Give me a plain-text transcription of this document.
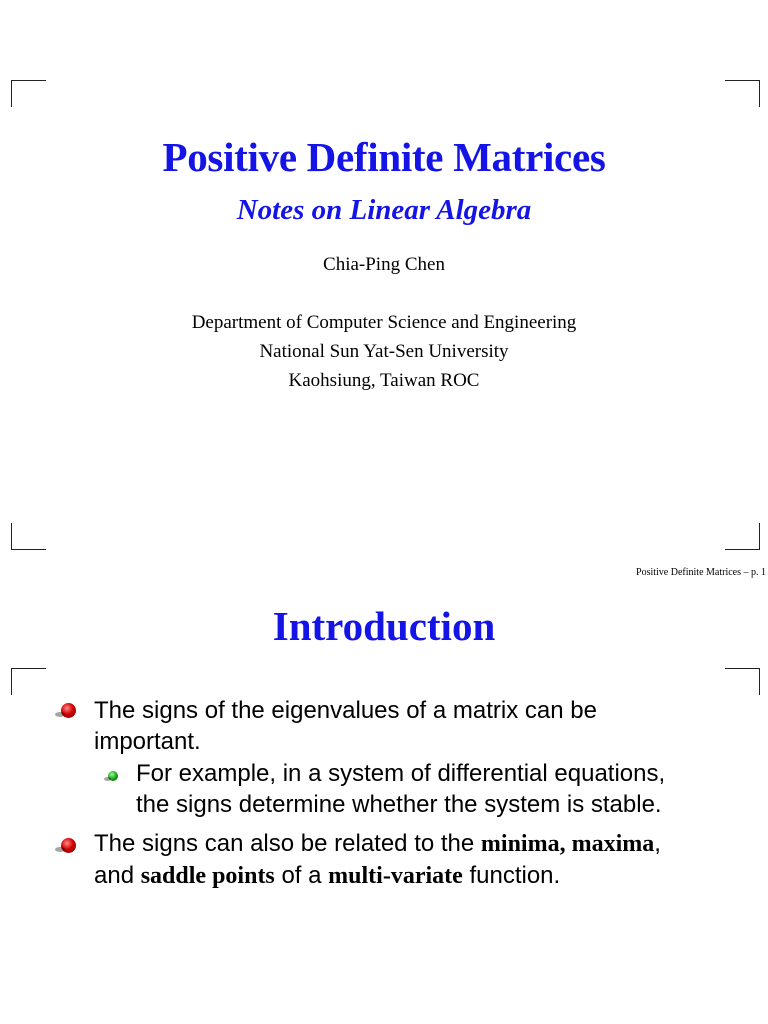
Positive Definite Matrices
Notes on Linear Algebra
Chia-Ping Chen
Department of Computer Science and Engineering
National Sun Yat-Sen University
Kaohsiung, Taiwan ROC
Positive Definite Matrices – p. 1
Introduction
The signs of the eigenvalues of a matrix can be
important.
For example, in a system of differential equations,
the signs determine whether the system is stable.
The signs can also be related to the minima, maxima,
and saddle points of a multi-variate function.
